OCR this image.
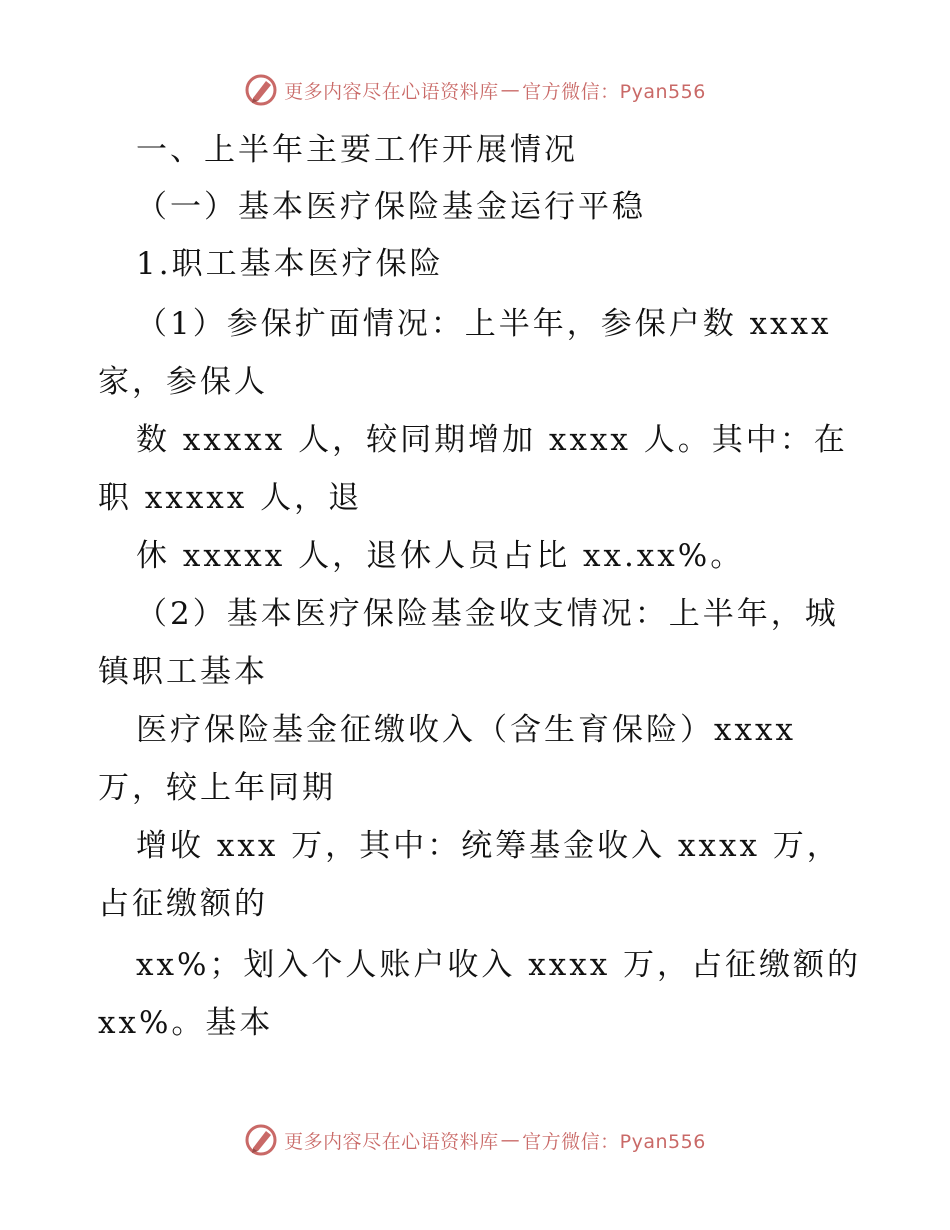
更多内容尽在心语资料库 — 官方微信：Pyan556
一、上半年主要工作开展情况
（一）基本医疗保险基金运行平稳
1.职工基本医疗保险
（1）参保扩面情况：上半年，参保户数 xxxx
家，参保人
数 xxxxx 人，较同期增加 xxxx 人。其中：在
职 xxxxx 人，退
休 xxxxx 人，退休人员占比 xx.xx%。
（2）基本医疗保险基金收支情况：上半年，城
镇职工基本
医疗保险基金征缴收入（含生育保险）xxxx
万，较上年同期
增收 xxx 万，其中：统筹基金收入 xxxx 万，
占征缴额的
xx%；划入个人账户收入 xxxx 万，占征缴额的
xx%。基本
更多内容尽在心语资料库 — 官方微信：Pyan556
